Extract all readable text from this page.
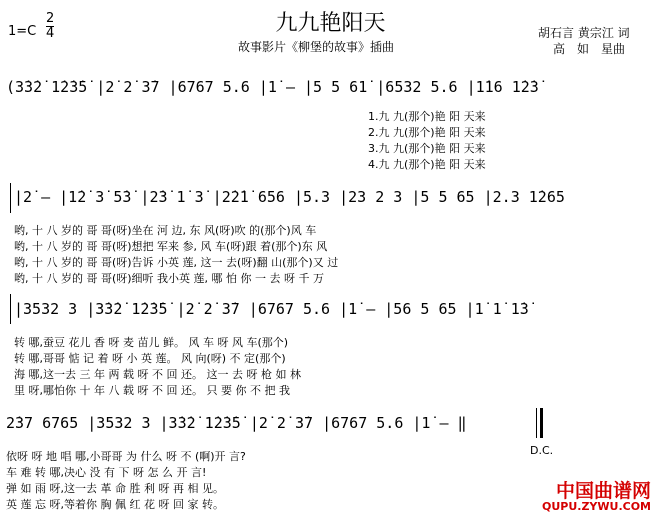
九九艳阳天
故事影片《柳堡的故事》插曲
1=C
2
4	胡石言 黄宗江 词
高　如　星曲
(3̇3̇2̇ 1̇2̇3̇5̇ |2̇ 2̇ 3̇7 |6767 5.6 |1̇ – |5 5 61̇ |6532 5.6 |1̇16 1̇2̇3̇
1.九 九(那个)艳 阳 天来
2.九 九(那个)艳 阳 天来
3.九 九(那个)艳 阳 天来
4.九 九(那个)艳 阳 天来
|2̇ – |1̇2̇ 3̇ 5̇3̇ |2̇3̇ 1̇ 3̇ |2̇2̇1̇ 656 |5.3 |23 2 3 |5 5 65 |2.3 1̇265
哟, 十 八 岁的 哥 哥(呀)坐在 河 边, 东 风(呀)吹 的(那个)风 车
哟, 十 八 岁的 哥 哥(呀)想把 军来 参, 风 车(呀)跟 着(那个)东 风
哟, 十 八 岁的 哥 哥(呀)告诉 小英 莲, 这一 去(呀)翻 山(那个)又 过
哟, 十 八 岁的 哥 哥(呀)细听 我小英 莲, 哪 怕 你 一 去 呀 千 万
|3532 3 |3̇3̇2̇ 1̇2̇3̇5̇ |2̇ 2̇ 3̇7 |6767 5.6 |1̇ – |56 5 65 |1̇ 1̇ 1̇3̇
转 哪,蚕豆 花儿 香 呀 麦 苗儿 鲜。 风 车 呀 风 车(那个)
转 哪,哥哥 惦 记 着 呀 小 英 莲。 风 向(呀) 不 定(那个)
海 哪,这一去 三 年 两 载 呀 不 回 还。 这一 去 呀 枪 如 林
里 呀,哪怕你 十 年 八 载 呀 不 回 还。 只 要 你 不 把 我
2̇37 6765 |3532 3 |3̇3̇2̇ 1̇2̇3̇5̇ |2̇ 2̇ 3̇7 |6767 5.6 |1̇ – ‖
D.C.
依呀 呀 地 唱 哪,小哥哥 为 什么 呀 不 (啊)开 言?
车 难 转 哪,决心 没 有 下 呀 怎 么 开 言!
弹 如 雨 呀,这一去 革 命 胜 利 呀 再 相 见。
英 莲 忘 呀,等着你 胸 佩 红 花 呀 回 家 转。
中国曲谱网
QUPU.ZYWU.COM
